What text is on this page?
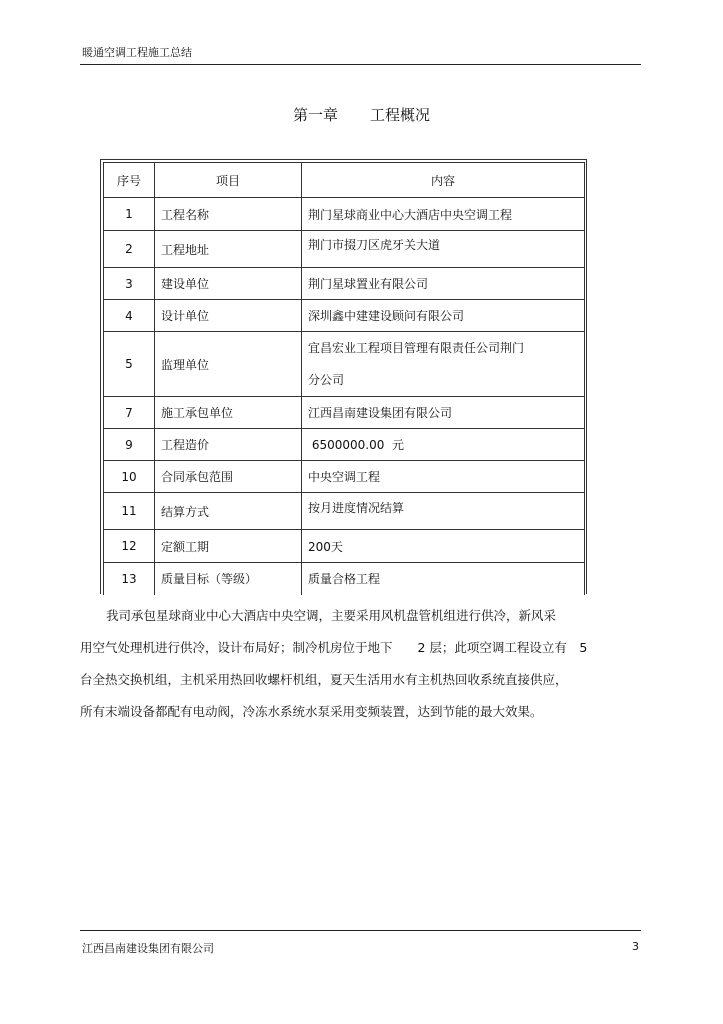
暖通空调工程施工总结
第一章 工程概况
序号	项目	内容
1	工程名称	荆门星球商业中心大酒店中央空调工程
2	工程地址	荆门市掇刀区虎牙关大道
3	建设单位	荆门星球置业有限公司
4	设计单位	深圳鑫中建建设顾问有限公司
5	监理单位	宜昌宏业工程项目管理有限责任公司荆门
分公司
7	施工承包单位	江西昌南建设集团有限公司
9	工程造价	6500000.00  元
10	合同承包范围	中央空调工程
11	结算方式	按月进度情况结算
12	定额工期	200天
13	质量目标（等级）	质量合格工程
我司承包星球商业中心大酒店中央空调，主要采用风机盘管机组进行供冷，新风采
用空气处理机进行供冷，设计布局好；制冷机房位于地下　　2 层；此项空调工程设立有　5
台全热交换机组，主机采用热回收螺杆机组，夏天生活用水有主机热回收系统直接供应，
所有末端设备都配有电动阀，冷冻水系统水泵采用变频装置，达到节能的最大效果。
江西昌南建设集团有限公司	3
